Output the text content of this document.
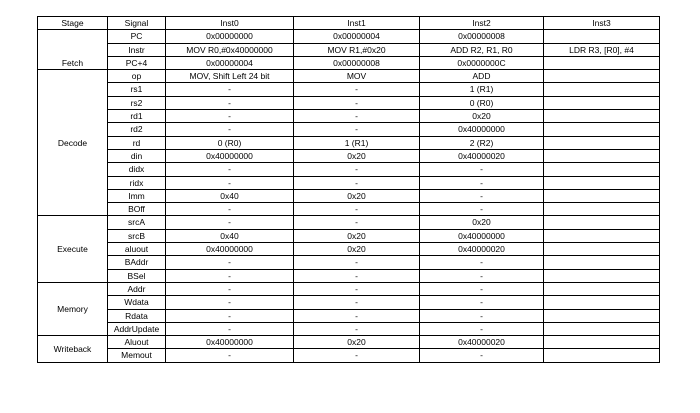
Stage	Signal	Inst0	Inst1	Inst2	Inst3
Fetch	PC	0x00000000	0x00000004	0x00000008	
	Instr	MOV R0,#0x40000000	MOV R1,#0x20	ADD R2, R1, R0	LDR R3, [R0], #4
	PC+4	0x00000004	0x00000008	0x0000000C	
Decode	op	MOV, Shift Left 24 bit	MOV	ADD	
	rs1	-	-	1 (R1)	
	rs2	-	-	0 (R0)	
	rd1	-	-	0x20	
	rd2	-	-	0x40000000	
	rd	0 (R0)	1 (R1)	2 (R2)	
	din	0x40000000	0x20	0x40000020	
	didx	-	-	-	
	ridx	-	-	-	
	Imm	0x40	0x20	-	
	BOff	-	-	-	
Execute	srcA	-	-	0x20	
	srcB	0x40	0x20	0x40000000	
	aluout	0x40000000	0x20	0x40000020	
	BAddr	-	-	-	
	BSel	-	-	-	
Memory	Addr	-	-	-	
	Wdata	-	-	-	
	Rdata	-	-	-	
	AddrUpdate	-	-	-	
Writeback	Aluout	0x40000000	0x20	0x40000020	
	Memout	-	-	-	
